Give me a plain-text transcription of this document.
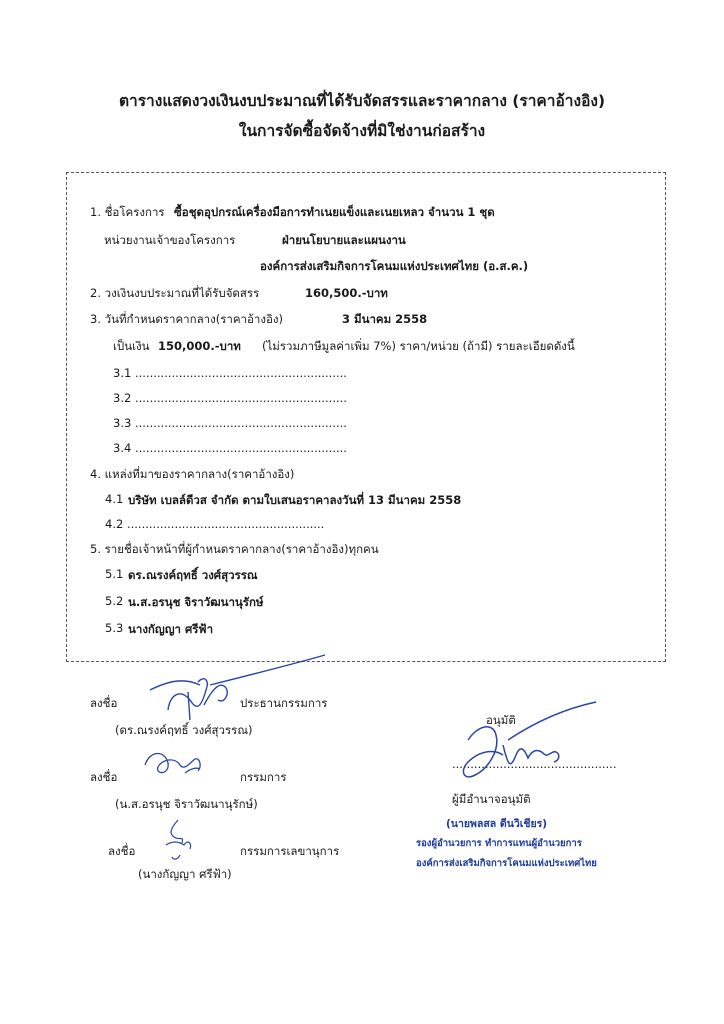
ตารางแสดงวงเงินงบประมาณที่ได้รับจัดสรรและราคากลาง (ราคาอ้างอิง)
ในการจัดซื้อจัดจ้างที่มิใช่งานก่อสร้าง
1. ชื่อโครงการ ซื้อชุดอุปกรณ์เครื่องมือการทำเนยแข็งและเนยเหลว จำนวน 1 ชุด
หน่วยงานเจ้าของโครงการ	ฝ่ายนโยบายและแผนงาน
องค์การส่งเสริมกิจการโคนมแห่งประเทศไทย (อ.ส.ค.)
2. วงเงินงบประมาณที่ได้รับจัดสรร	160,500.-บาท
3. วันที่กำหนดราคากลาง(ราคาอ้างอิง)	3 มีนาคม 2558
เป็นเงิน 150,000.-บาท (ไม่รวมภาษีมูลค่าเพิ่ม 7%) ราคา/หน่วย (ถ้ามี) รายละเอียดดังนี้
3.1 ..........................................................
3.2 ..........................................................
3.3 ..........................................................
3.4 ..........................................................
4. แหล่งที่มาของราคากลาง(ราคาอ้างอิง)
4.1 บริษัท เบลล์ดีวส จำกัด ตามใบเสนอราคาลงวันที่ 13 มีนาคม 2558
4.2 ......................................................
5. รายชื่อเจ้าหน้าที่ผู้กำหนดราคากลาง(ราคาอ้างอิง)ทุกคน
5.1 ดร.ณรงค์ฤทธิ์ วงศ์สุวรรณ
5.2 น.ส.อรนุช จิราวัฒนานุรักษ์
5.3 นางกัญญา ศรีฟ้า
ลงชื่อ	ประธานกรรมการ
(ดร.ณรงค์ฤทธิ์ วงศ์สุวรรณ)
ลงชื่อ	กรรมการ
(น.ส.อรนุช จิราวัฒนานุรักษ์)
ลงชื่อ	กรรมการเลขานุการ
(นางกัญญา ศรีฟ้า)
อนุมัติ
.............................................
ผู้มีอำนาจอนุมัติ
(นายพลสล ดีนวิเชียร)
รองผู้อำนวยการ ทำการแทนผู้อำนวยการ
องค์การส่งเสริมกิจการโคนมแห่งประเทศไทย
